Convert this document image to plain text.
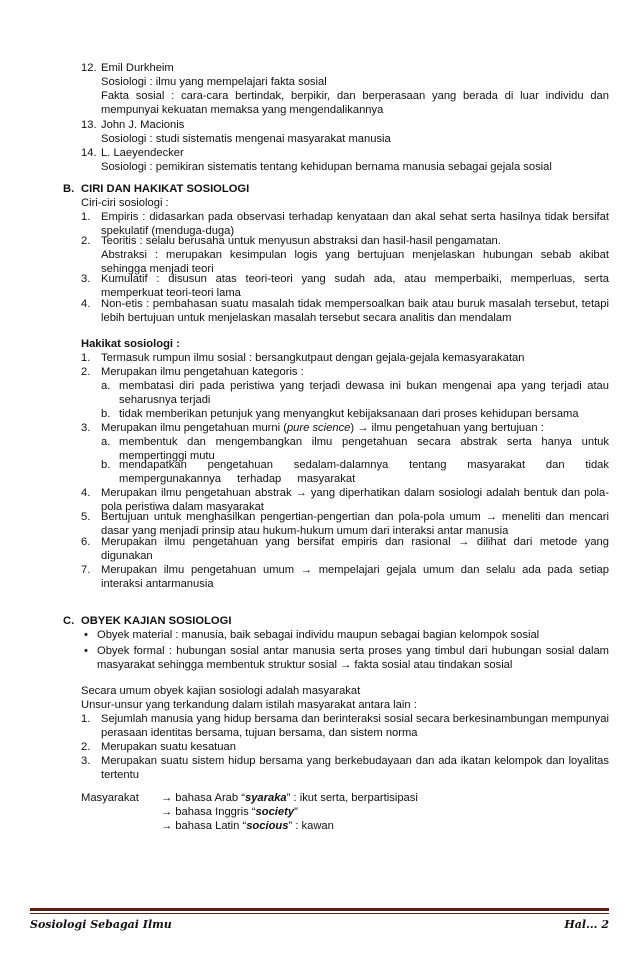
12. Emil Durkheim
Sosiologi : ilmu yang mempelajari fakta sosial
Fakta sosial : cara-cara bertindak, berpikir, dan berperasaan yang berada di luar individu dan mempunyai kekuatan memaksa yang mengendalikannya
13. John J. Macionis
Sosiologi : studi sistematis mengenai masyarakat manusia
14. L. Laeyendecker
Sosiologi : pemikiran sistematis tentang kehidupan bernama manusia sebagai gejala sosial
B. CIRI DAN HAKIKAT SOSIOLOGI
Ciri-ciri sosiologi :
1. Empiris : didasarkan pada observasi terhadap kenyataan dan akal sehat serta hasilnya tidak bersifat spekulatif (menduga-duga)
2. Teoritis : selalu berusaha untuk menyusun abstraksi dan hasil-hasil pengamatan.
Abstraksi : merupakan kesimpulan logis yang bertujuan menjelaskan hubungan sebab akibat sehingga menjadi teori
3. Kumulatif : disusun atas teori-teori yang sudah ada, atau memperbaiki, memperluas, serta memperkuat teori-teori lama
4. Non-etis : pembahasan suatu masalah tidak mempersoalkan baik atau buruk masalah tersebut, tetapi lebih bertujuan untuk menjelaskan masalah tersebut secara analitis dan mendalam
Hakikat sosiologi :
1. Termasuk rumpun ilmu sosial : bersangkutpaut dengan gejala-gejala kemasyarakatan
2. Merupakan ilmu pengetahuan kategoris :
a. membatasi diri pada peristiwa yang terjadi dewasa ini bukan mengenai apa yang terjadi atau seharusnya terjadi
b. tidak memberikan petunjuk yang menyangkut kebijaksanaan dari proses kehidupan bersama
3. Merupakan ilmu pengetahuan murni (pure science) → ilmu pengetahuan yang bertujuan :
a. membentuk dan mengembangkan ilmu pengetahuan secara abstrak serta hanya untuk mempertinggi mutu
b. mendapatkan pengetahuan sedalam-dalamnya tentang masyarakat dan tidak mempergunakannya terhadap masyarakat
4. Merupakan ilmu pengetahuan abstrak → yang diperhatikan dalam sosiologi adalah bentuk dan pola-pola peristiwa dalam masyarakat
5. Bertujuan untuk menghasilkan pengertian-pengertian dan pola-pola umum → meneliti dan mencari dasar yang menjadi prinsip atau hukum-hukum umum dari interaksi antar manusia
6. Merupakan ilmu pengetahuan yang bersifat empiris dan rasional → dilihat dari metode yang digunakan
7. Merupakan ilmu pengetahuan umum → mempelajari gejala umum dan selalu ada pada setiap interaksi antarmanusia
C. OBYEK KAJIAN SOSIOLOGI
• Obyek material : manusia, baik sebagai individu maupun sebagai bagian kelompok sosial
• Obyek formal : hubungan sosial antar manusia serta proses yang timbul dari hubungan sosial dalam masyarakat sehingga membentuk struktur sosial → fakta sosial atau tindakan sosial
Secara umum obyek kajian sosiologi adalah masyarakat
Unsur-unsur yang terkandung dalam istilah masyarakat antara lain :
1. Sejumlah manusia yang hidup bersama dan berinteraksi sosial secara berkesinambungan mempunyai perasaan identitas bersama, tujuan bersama, dan sistem norma
2. Merupakan suatu kesatuan
3. Merupakan suatu sistem hidup bersama yang berkebudayaan dan ada ikatan kelompok dan loyalitas tertentu
Masyarakat → bahasa Arab “syaraka” : ikut serta, berpartisipasi
→ bahasa Inggris “society”
→ bahasa Latin “socious” : kawan
Sosiologi Sebagai Ilmu	Hal... 2
